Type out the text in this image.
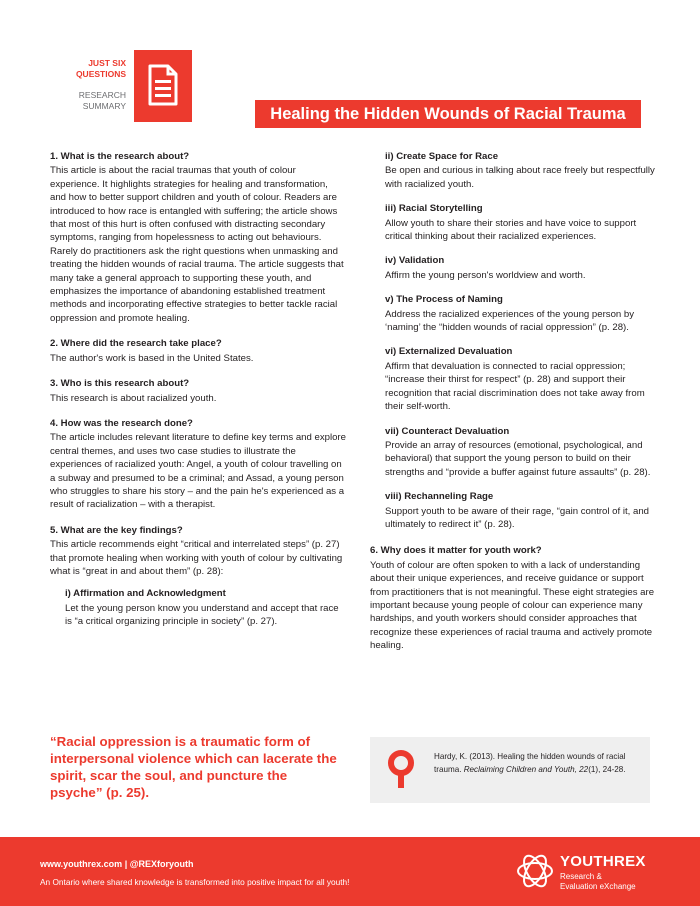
JUST SIX
QUESTIONS
RESEARCH
SUMMARY	Healing the Hidden Wounds of Racial Trauma
1. What is the research about?
This article is about the racial traumas that youth of colour experience. It highlights strategies for healing and transformation, and how to better support children and youth of colour. Readers are introduced to how race is entangled with suffering; the article shows that most of this hurt is often confused with distracting secondary symptoms, ranging from hopelessness to acting out behaviours. Rarely do practitioners ask the right questions when unmasking and treating the hidden wounds of racial trauma. The article suggests that many take a general approach to supporting these youth, and emphasizes the importance of abandoning established treatment methods and incorporating effective strategies to better tackle racial oppression and promote healing.
2. Where did the research take place?
The author's work is based in the United States.
3. Who is this research about?
This research is about racialized youth.
4. How was the research done?
The article includes relevant literature to define key terms and explore central themes, and uses two case studies to illustrate the experiences of racialized youth: Angel, a youth of colour travelling on a subway and presumed to be a criminal; and Assad, a young person who struggles to share his story – and the pain he's experienced as a result of racialization – with a therapist.
5. What are the key findings?
This article recommends eight “critical and interrelated steps” (p. 27) that promote healing when working with youth of colour by cultivating what is “great in and about them” (p. 28):
i) Affirmation and Acknowledgment
Let the young person know you understand and accept that race is “a critical organizing principle in society” (p. 27).
“Racial oppression is a traumatic form of interpersonal violence which can lacerate the spirit, scar the soul, and puncture the psyche” (p. 25).
ii) Create Space for Race
Be open and curious in talking about race freely but respectfully with racialized youth.
iii) Racial Storytelling
Allow youth to share their stories and have voice to support critical thinking about their racialized experiences.
iv) Validation
Affirm the young person's worldview and worth.
v) The Process of Naming
Address the racialized experiences of the young person by ‘naming’ the “hidden wounds of racial oppression” (p. 28).
vi) Externalized Devaluation
Affirm that devaluation is connected to racial oppression; “increase their thirst for respect” (p. 28) and support their recognition that racial discrimination does not take away from their self-worth.
vii) Counteract Devaluation
Provide an array of resources (emotional, psychological, and behavioral) that support the young person to build on their strengths and “provide a buffer against future assaults” (p. 28).
viii) Rechanneling Rage
Support youth to be aware of their rage, “gain control of it, and ultimately to redirect it” (p. 28).
6. Why does it matter for youth work?
Youth of colour are often spoken to with a lack of understanding about their unique experiences, and receive guidance or support from practitioners that is not meaningful. These eight strategies are important because young people of colour can experience many hardships, and youth workers should consider approaches that recognize these experiences of racial trauma and actively promote healing.
Hardy, K. (2013). Healing the hidden wounds of racial trauma. Reclaiming Children and Youth, 22(1), 24-28.
www.youthrex.com | @REXforyouth
An Ontario where shared knowledge is transformed into positive impact for all youth!
YOUTHREX
Research &
Evaluation eXchange
